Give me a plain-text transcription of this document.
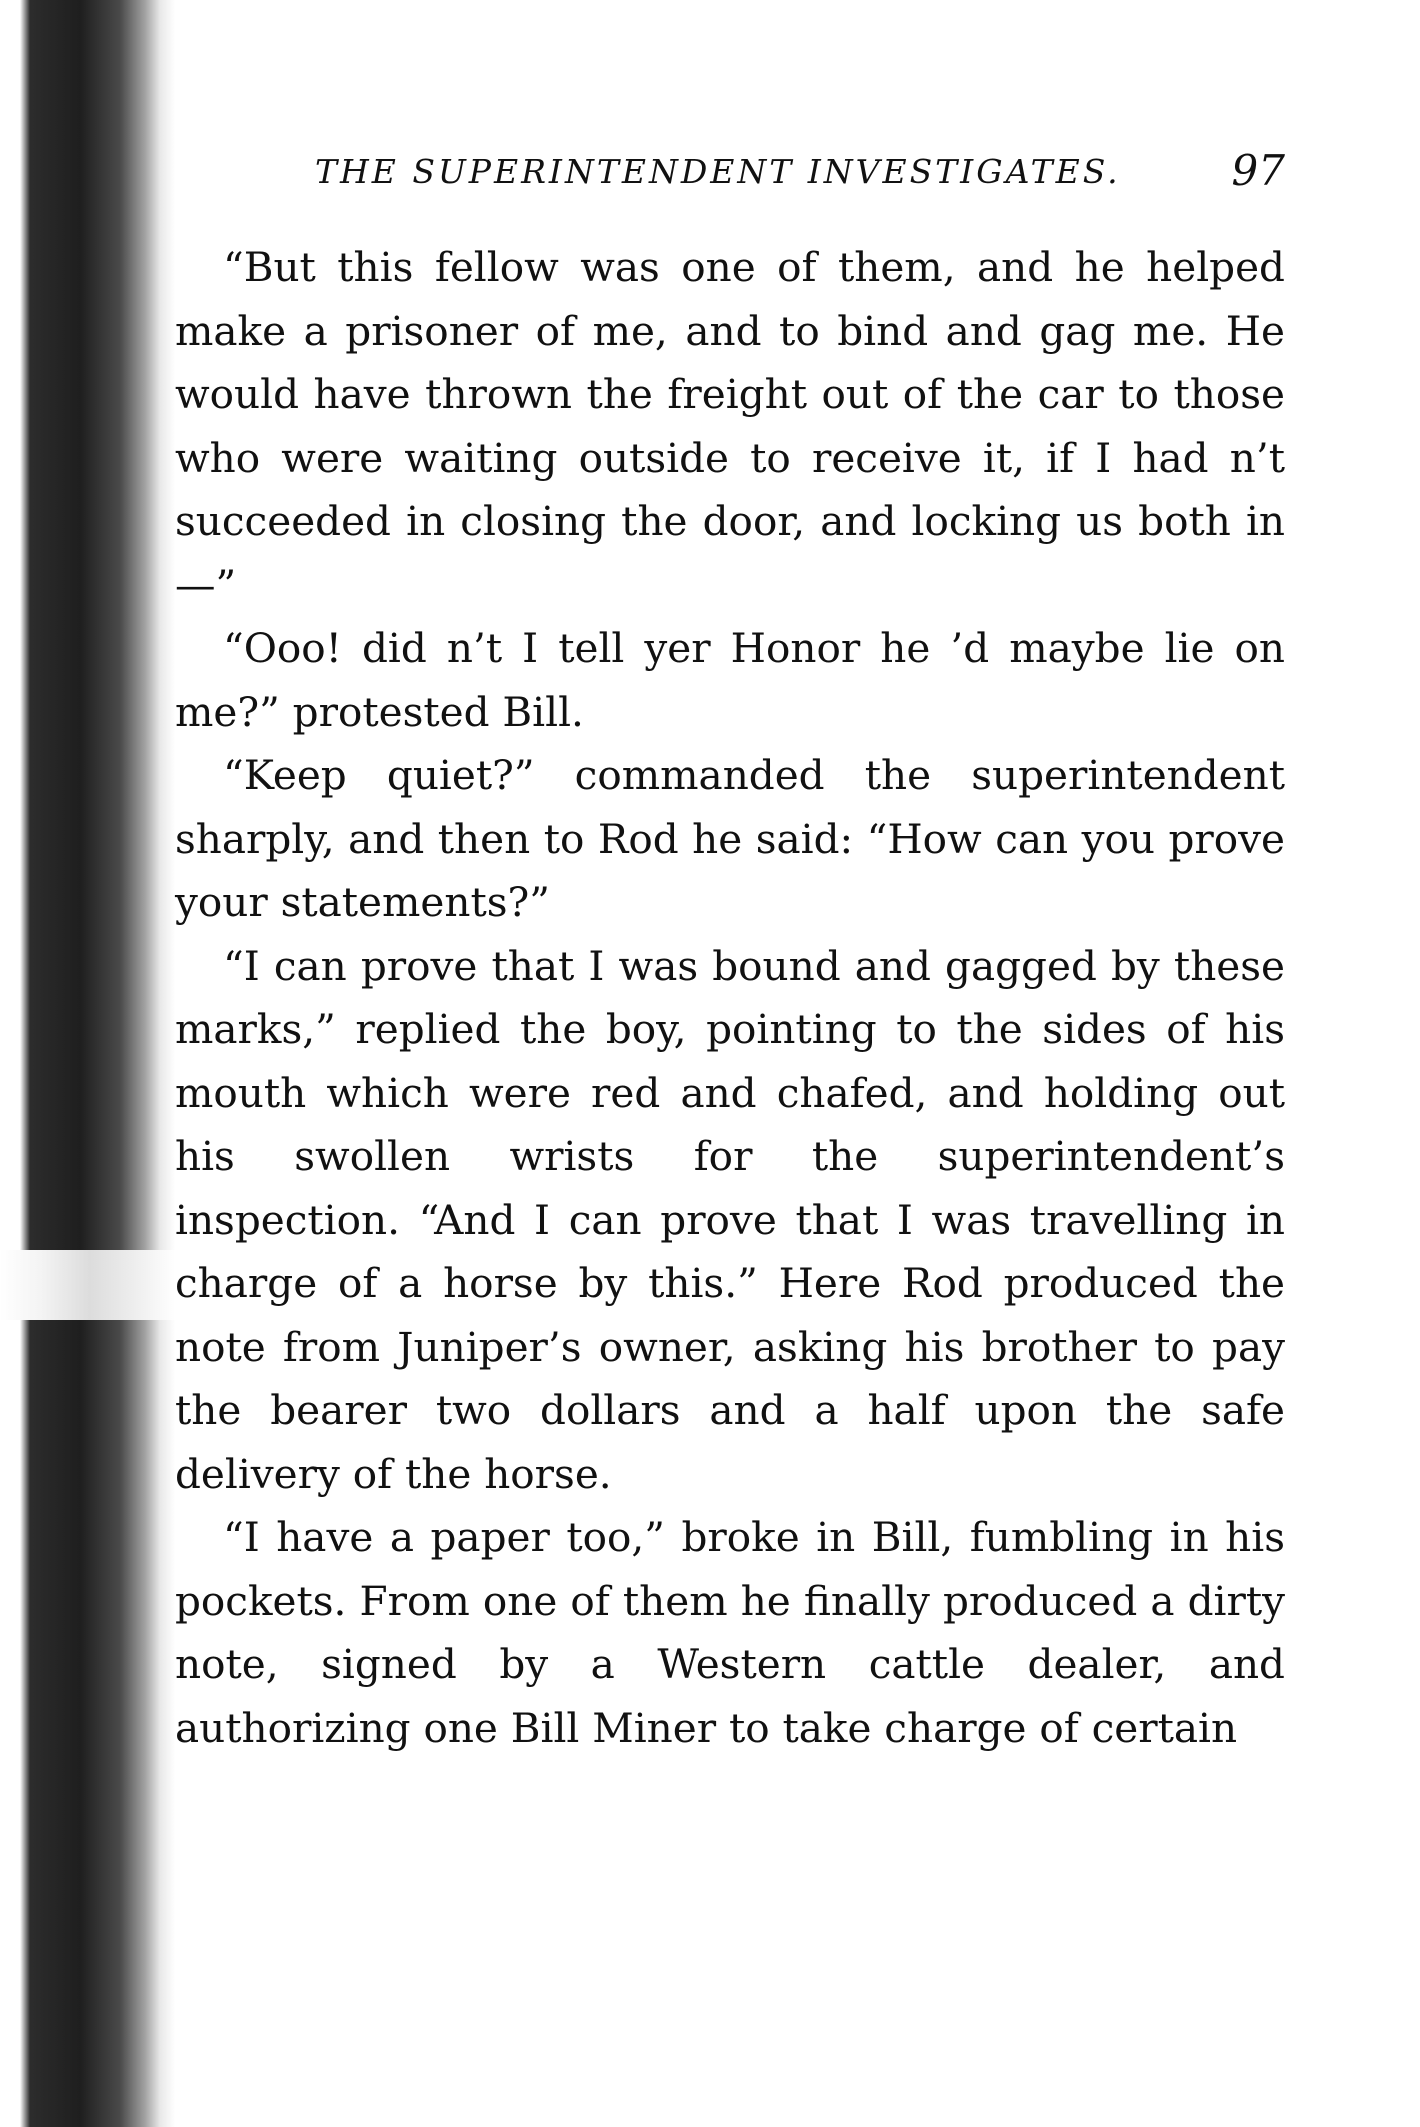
THE SUPERINTENDENT INVESTIGATES.	97

“But this fellow was one of them, and he helped make a prisoner of me, and to bind and gag me. He would have thrown the freight out of the car to those who were waiting outside to receive it, if I had n’t succeeded in closing the door, and locking us both in—”

“Ooo! did n’t I tell yer Honor he ’d maybe lie on me?” protested Bill.

“Keep quiet?” commanded the superintendent sharply, and then to Rod he said: “How can you prove your statements?”

“I can prove that I was bound and gagged by these marks,” replied the boy, pointing to the sides of his mouth which were red and chafed, and holding out his swollen wrists for the superintendent’s inspection. “And I can prove that I was travelling in charge of a horse by this.” Here Rod produced the note from Juniper’s owner, asking his brother to pay the bearer two dollars and a half upon the safe delivery of the horse.

“I have a paper too,” broke in Bill, fumbling in his pockets. From one of them he finally produced a dirty note, signed by a Western cattle dealer, and authorizing one Bill Miner to take charge of certain
